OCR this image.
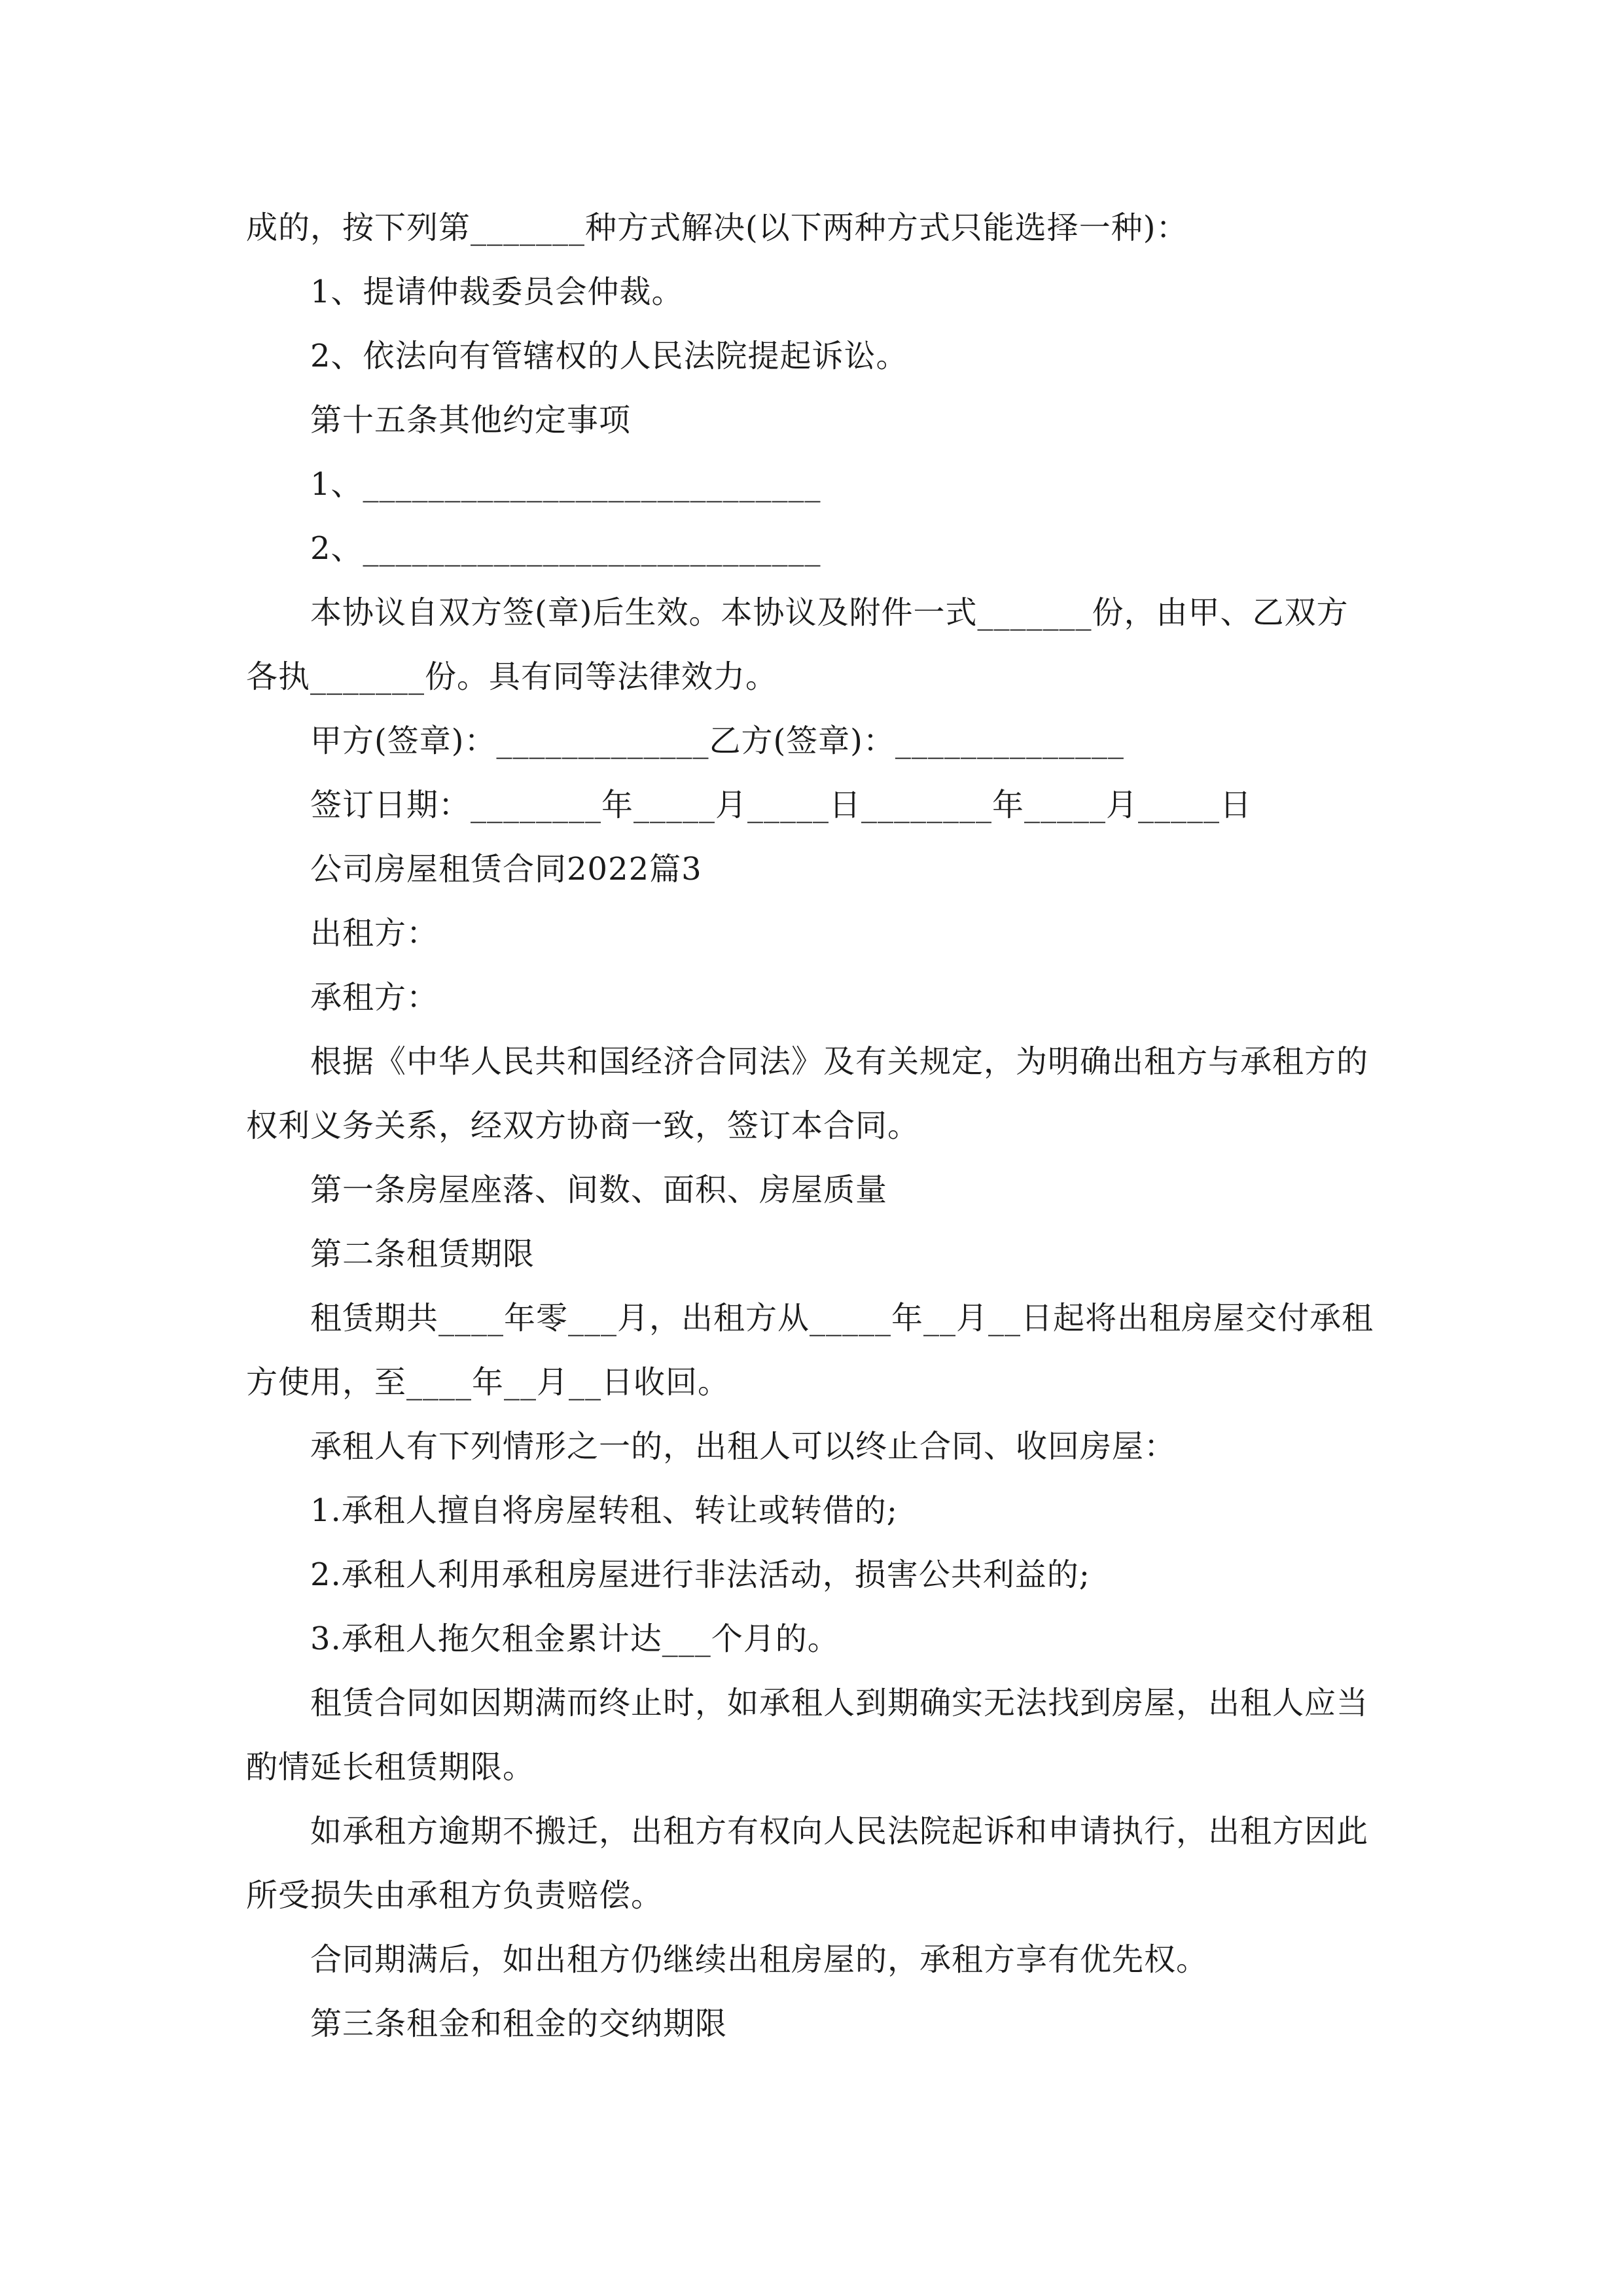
成的，按下列第_______种方式解决(以下两种方式只能选择一种)：
1、提请仲裁委员会仲裁。
2、依法向有管辖权的人民法院提起诉讼。
第十五条其他约定事项
1、____________________________
2、____________________________
本协议自双方签(章)后生效。本协议及附件一式_______份，由甲、乙双方
各执_______份。具有同等法律效力。
甲方(签章)：_____________乙方(签章)：______________
签订日期：________年_____月_____日________年_____月_____日
公司房屋租赁合同2022篇3
出租方：
承租方：
根据《中华人民共和国经济合同法》及有关规定，为明确出租方与承租方的
权利义务关系，经双方协商一致，签订本合同。
第一条房屋座落、间数、面积、房屋质量
第二条租赁期限
租赁期共____年零___月，出租方从_____年__月__日起将出租房屋交付承租
方使用，至____年__月__日收回。
承租人有下列情形之一的，出租人可以终止合同、收回房屋：
1.承租人擅自将房屋转租、转让或转借的;
2.承租人利用承租房屋进行非法活动，损害公共利益的;
3.承租人拖欠租金累计达___个月的。
租赁合同如因期满而终止时，如承租人到期确实无法找到房屋，出租人应当
酌情延长租赁期限。
如承租方逾期不搬迁，出租方有权向人民法院起诉和申请执行，出租方因此
所受损失由承租方负责赔偿。
合同期满后，如出租方仍继续出租房屋的，承租方享有优先权。
第三条租金和租金的交纳期限
